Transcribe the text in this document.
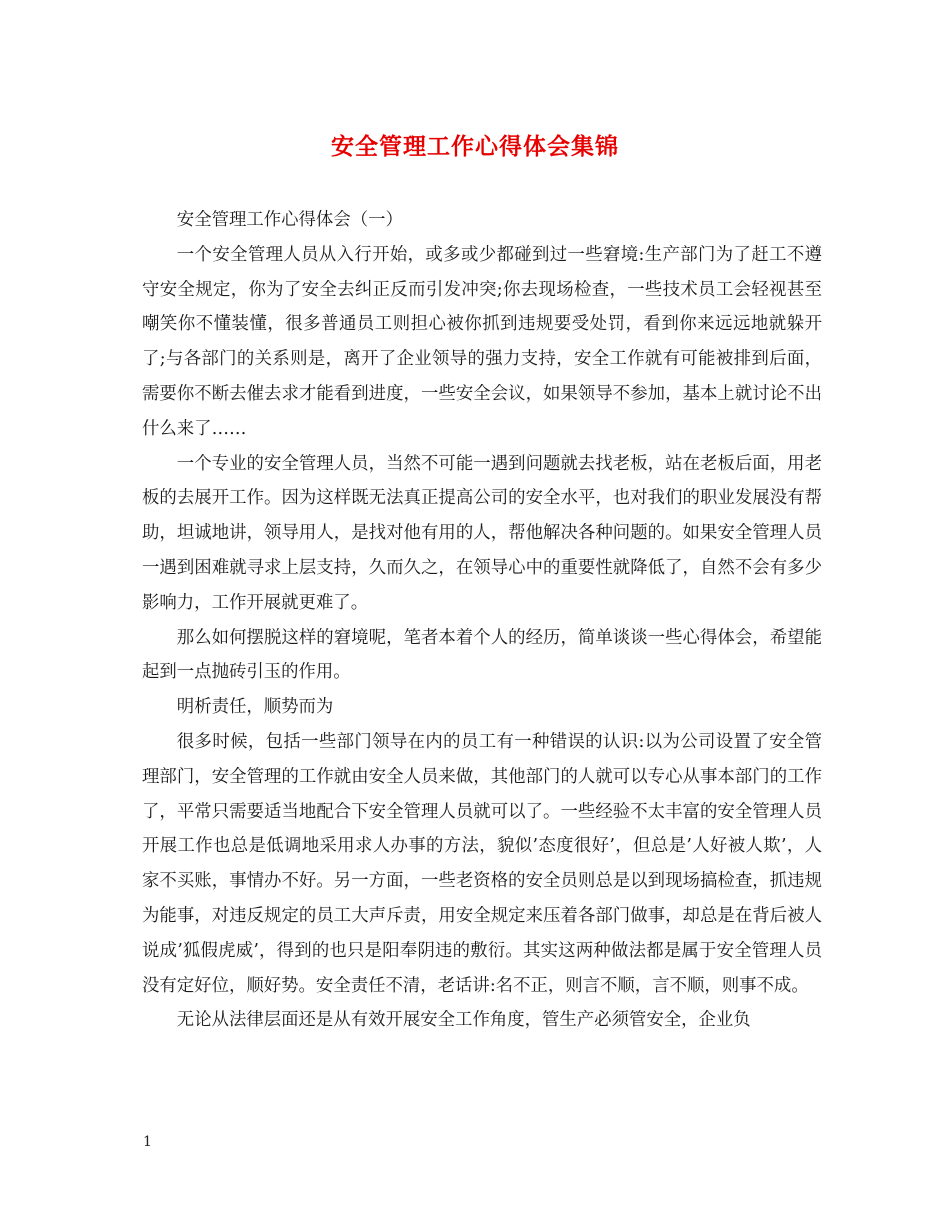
安全管理工作心得体会集锦

安全管理工作心得体会（一）

一个安全管理人员从入行开始，或多或少都碰到过一些窘境:生产部门为了赶工不遵守安全规定，你为了安全去纠正反而引发冲突;你去现场检查，一些技术员工会轻视甚至嘲笑你不懂装懂，很多普通员工则担心被你抓到违规要受处罚，看到你来远远地就躲开了;与各部门的关系则是，离开了企业领导的强力支持，安全工作就有可能被排到后面，需要你不断去催去求才能看到进度，一些安全会议，如果领导不参加，基本上就讨论不出什么来了……

一个专业的安全管理人员，当然不可能一遇到问题就去找老板，站在老板后面，用老板的去展开工作。因为这样既无法真正提高公司的安全水平，也对我们的职业发展没有帮助，坦诚地讲，领导用人，是找对他有用的人，帮他解决各种问题的。如果安全管理人员一遇到困难就寻求上层支持，久而久之，在领导心中的重要性就降低了，自然不会有多少影响力，工作开展就更难了。

那么如何摆脱这样的窘境呢，笔者本着个人的经历，简单谈谈一些心得体会，希望能起到一点抛砖引玉的作用。

明析责任，顺势而为

很多时候，包括一些部门领导在内的员工有一种错误的认识:以为公司设置了安全管理部门，安全管理的工作就由安全人员来做，其他部门的人就可以专心从事本部门的工作了，平常只需要适当地配合下安全管理人员就可以了。一些经验不太丰富的安全管理人员开展工作也总是低调地采用求人办事的方法，貌似’态度很好’，但总是’人好被人欺’，人家不买账，事情办不好。另一方面，一些老资格的安全员则总是以到现场搞检查，抓违规为能事，对违反规定的员工大声斥责，用安全规定来压着各部门做事，却总是在背后被人说成’狐假虎威’，得到的也只是阳奉阴违的敷衍。其实这两种做法都是属于安全管理人员没有定好位，顺好势。安全责任不清，老话讲:名不正，则言不顺，言不顺，则事不成。

无论从法律层面还是从有效开展安全工作角度，管生产必须管安全，企业负

1
